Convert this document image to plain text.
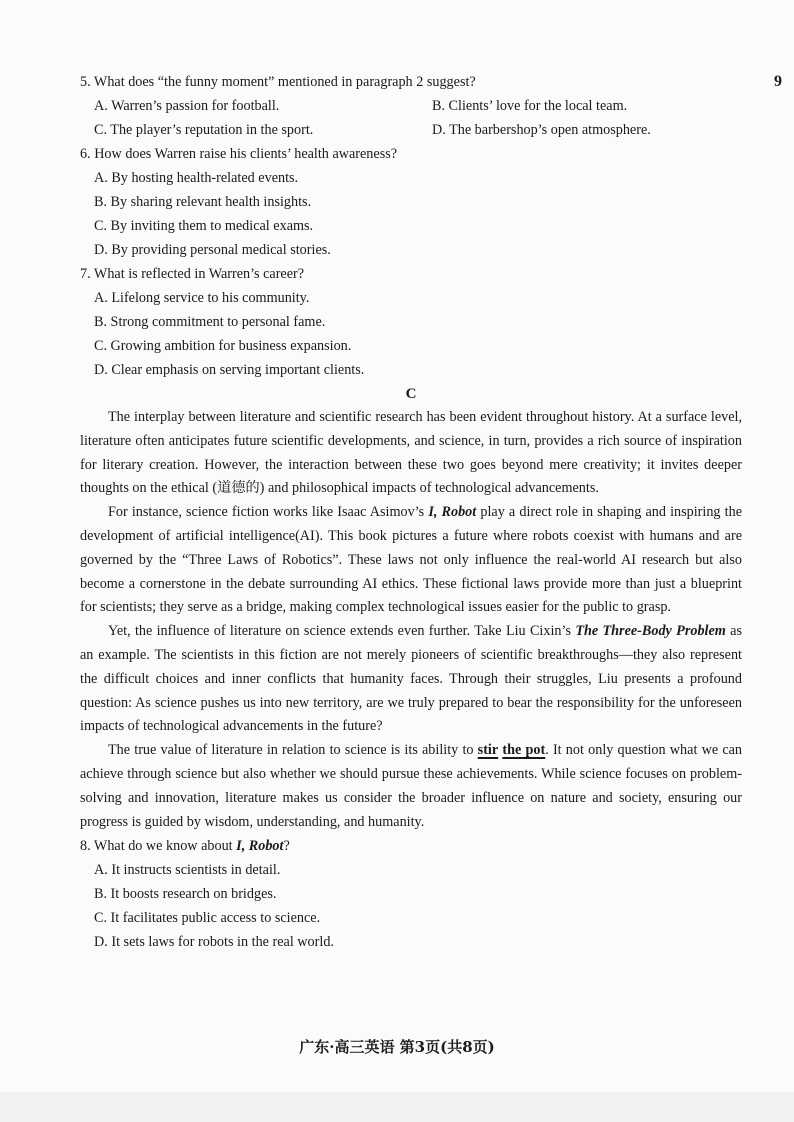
9
5. What does “the funny moment” mentioned in paragraph 2 suggest?
A. Warren’s passion for football.	B. Clients’ love for the local team.
C. The player’s reputation in the sport.	D. The barbershop’s open atmosphere.
6. How does Warren raise his clients’ health awareness?
A. By hosting health-related events.
B. By sharing relevant health insights.
C. By inviting them to medical exams.
D. By providing personal medical stories.
7. What is reflected in Warren’s career?
A. Lifelong service to his community.
B. Strong commitment to personal fame.
C. Growing ambition for business expansion.
D. Clear emphasis on serving important clients.
C

The interplay between literature and scientific research has been evident throughout history. At a surface level, literature often anticipates future scientific developments, and science, in turn, provides a rich source of inspiration for literary creation. However, the interaction between these two goes beyond mere creativity; it invites deeper thoughts on the ethical (道德的) and philosophical impacts of technological advancements.

For instance, science fiction works like Isaac Asimov’s I, Robot play a direct role in shaping and inspiring the development of artificial intelligence(AI). This book pictures a future where robots coexist with humans and are governed by the “Three Laws of Robotics”. These laws not only influence the real-world AI research but also become a cornerstone in the debate surrounding AI ethics. These fictional laws provide more than just a blueprint for scientists; they serve as a bridge, making complex technological issues easier for the public to grasp.

Yet, the influence of literature on science extends even further. Take Liu Cixin’s The Three-Body Problem as an example. The scientists in this fiction are not merely pioneers of scientific breakthroughs—they also represent the difficult choices and inner conflicts that humanity faces. Through their struggles, Liu presents a profound question: As science pushes us into new territory, are we truly prepared to bear the responsibility for the unforeseen impacts of technological advancements in the future?

The true value of literature in relation to science is its ability to stir the pot. It not only question what we can achieve through science but also whether we should pursue these achievements. While science focuses on problem-solving and innovation, literature makes us consider the broader influence on nature and society, ensuring our progress is guided by wisdom, understanding, and humanity.

8. What do we know about I, Robot?
A. It instructs scientists in detail.
B. It boosts research on bridges.
C. It facilitates public access to science.
D. It sets laws for robots in the real world.
广东·高三英语 第3页(共8页)
